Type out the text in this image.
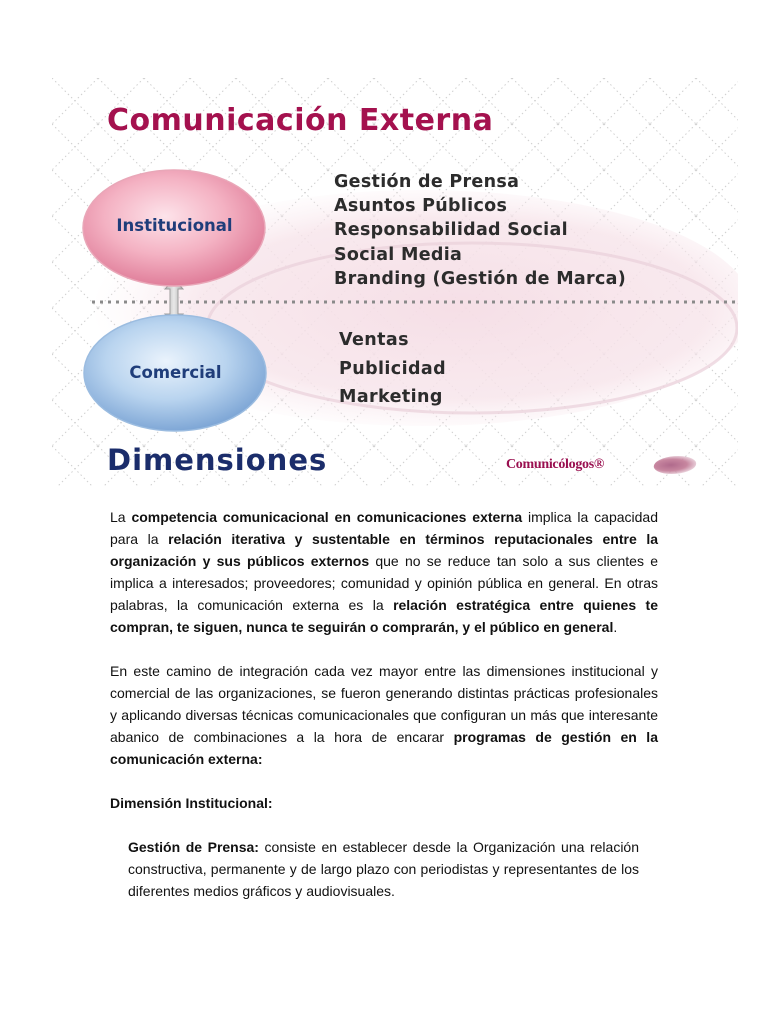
Comunicación Externa
Institucional
Comercial
Gestión de Prensa
Asuntos Públicos
Responsabilidad Social
Social Media
Branding (Gestión de Marca)
Ventas
Publicidad
Marketing
Dimensiones	Comunicólogos®

La competencia comunicacional en comunicaciones externa implica la capacidad para la relación iterativa y sustentable en términos reputacionales entre la organización y sus públicos externos que no se reduce tan solo a sus clientes e implica a interesados; proveedores; comunidad y opinión pública en general. En otras palabras, la comunicación externa es la relación estratégica entre quienes te compran, te siguen, nunca te seguirán o comprarán, y el público en general.

En este camino de integración cada vez mayor entre las dimensiones institucional y comercial de las organizaciones, se fueron generando distintas prácticas profesionales y aplicando diversas técnicas comunicacionales que configuran un más que interesante abanico de combinaciones a la hora de encarar programas de gestión en la comunicación externa:

Dimensión Institucional:

Gestión de Prensa: consiste en establecer desde la Organización una relación constructiva, permanente y de largo plazo con periodistas y representantes de los diferentes medios gráficos y audiovisuales.
